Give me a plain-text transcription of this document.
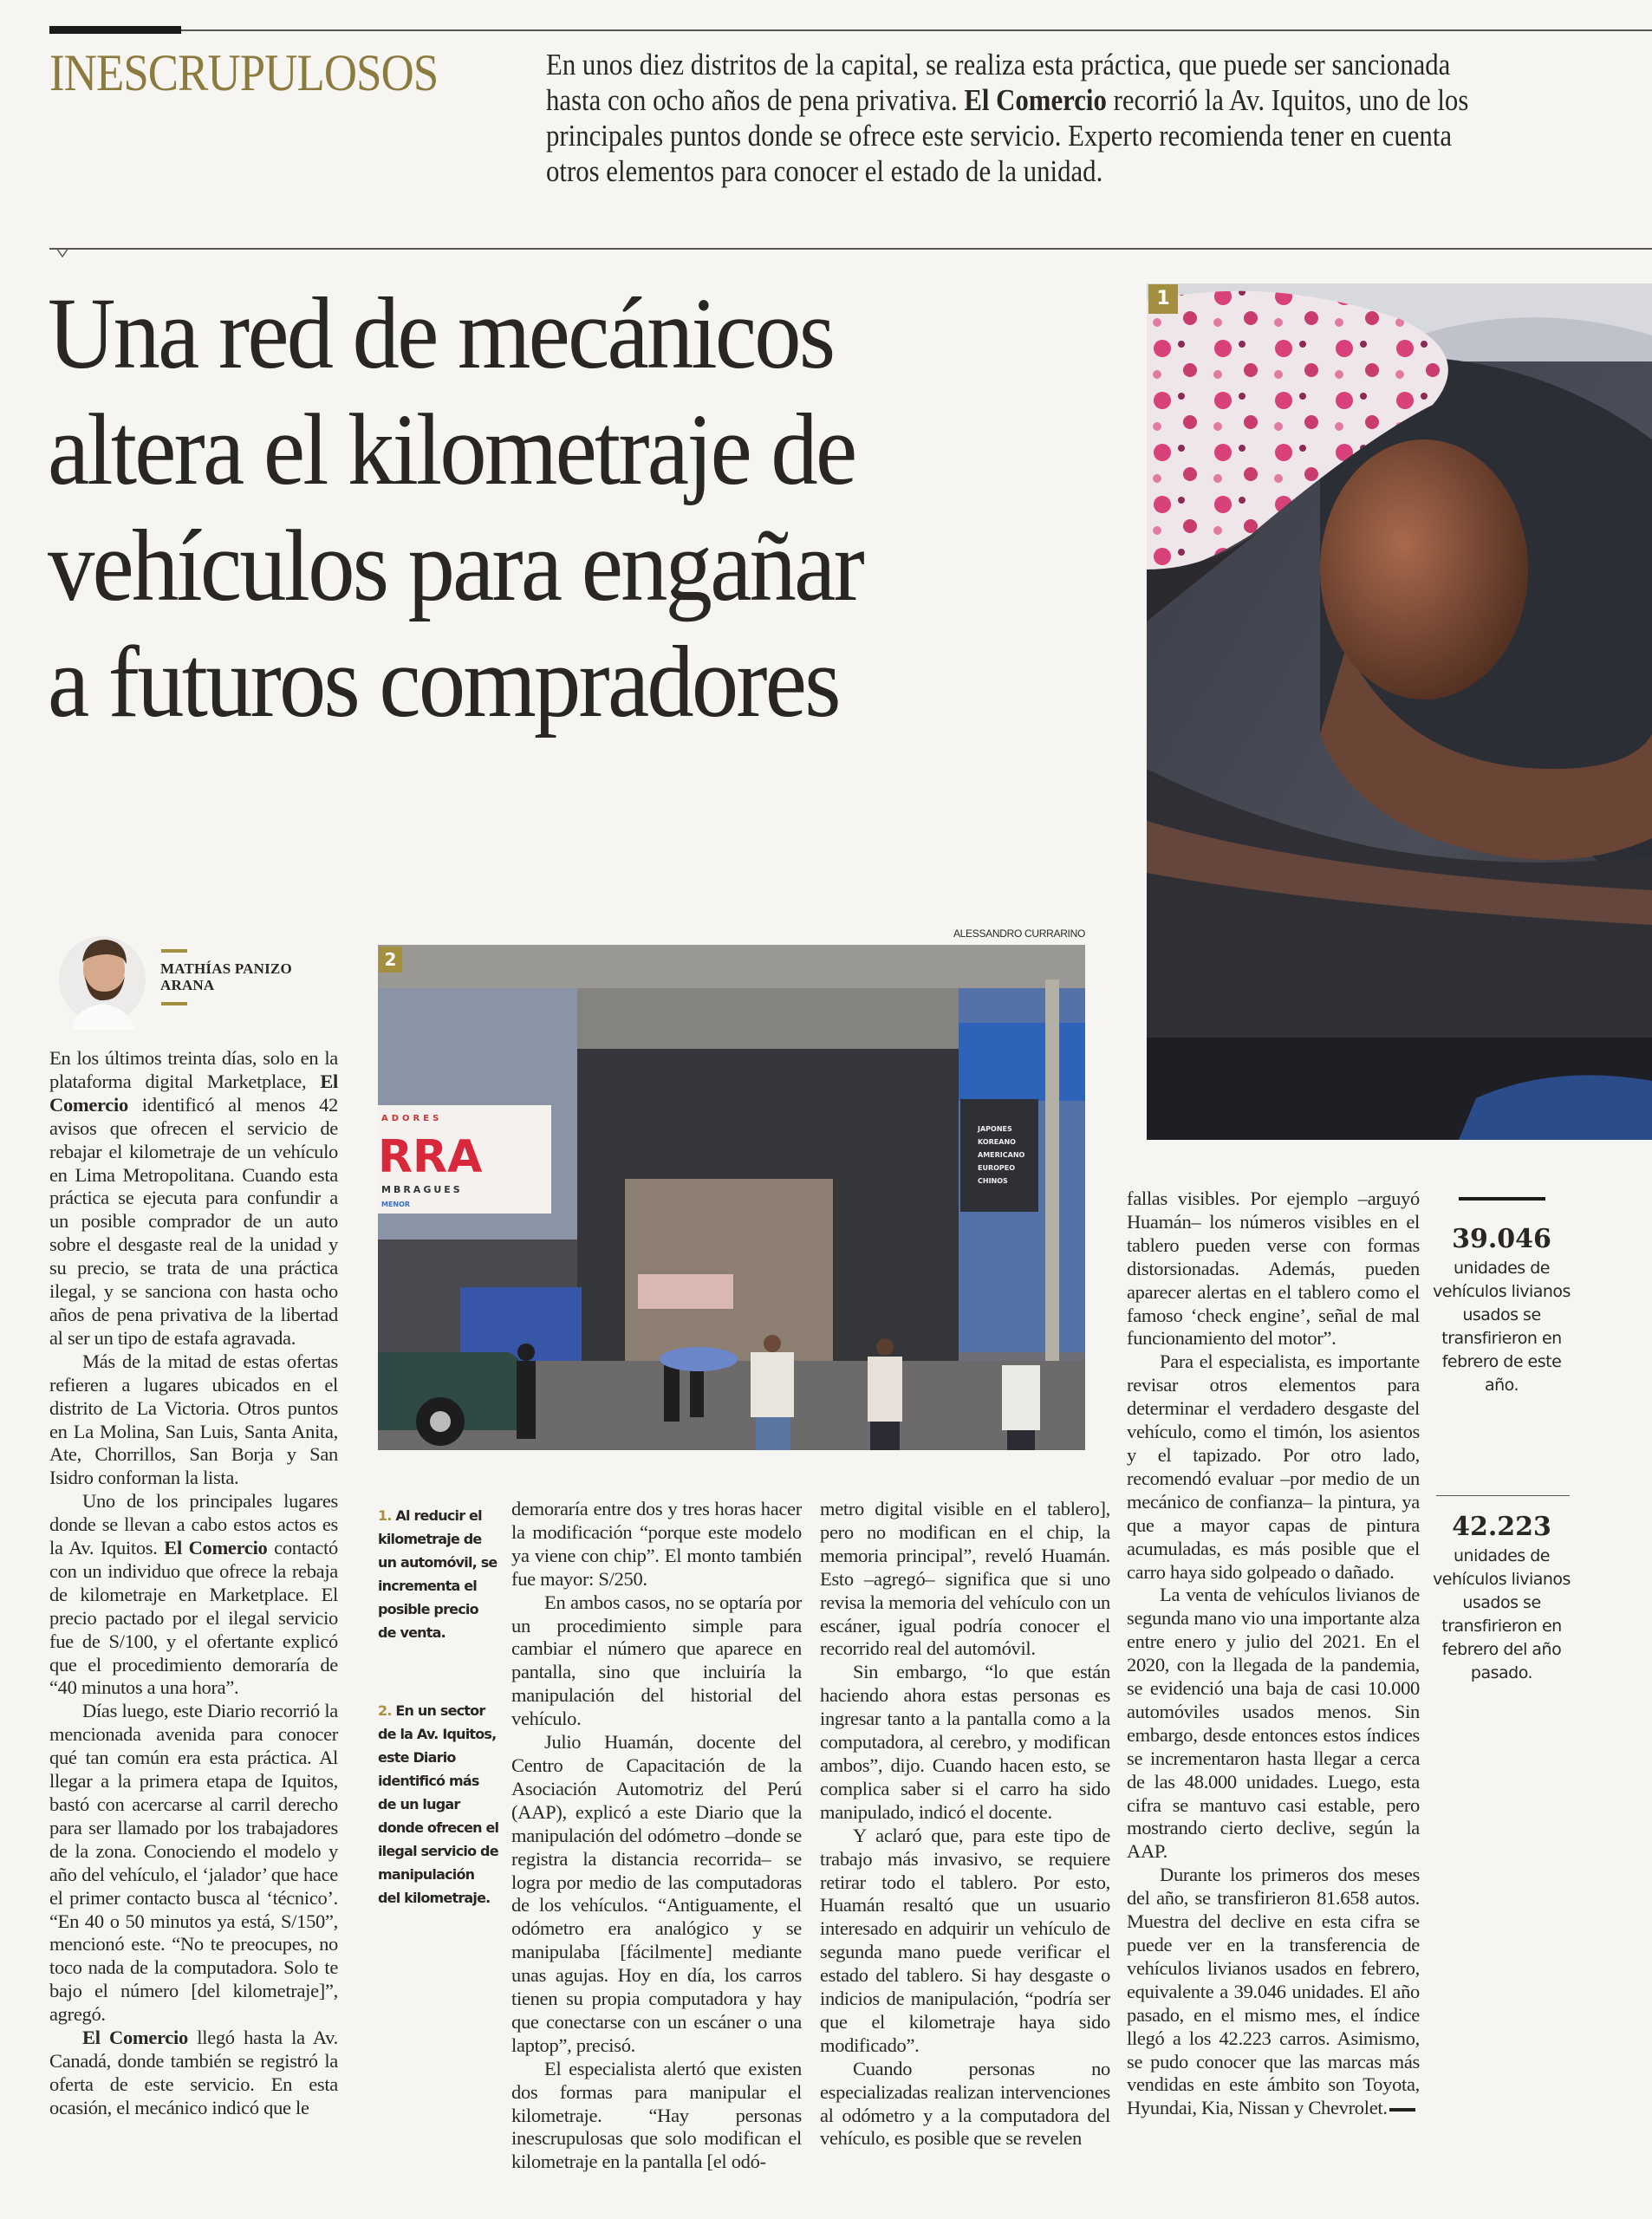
INESCRUPULOSOS	En unos diez distritos de la capital, se realiza esta práctica, que puede ser sancionada hasta con ocho años de pena privativa. El Comercio recorrió la Av. Iquitos, uno de los principales puntos donde se ofrece este servicio. Experto recomienda tener en cuenta otros elementos para conocer el estado de la unidad.
Una red de mecánicos
altera el kilometraje de
vehículos para engañar
a futuros compradores
1
MATHÍAS PANIZO
ARANA
ALESSANDRO CURRARINO
JAPONES
KOREANO
AMERICANO
EUROPEO
CHINOS
ADORES
RRA
MBRAGUES
MENOR
2
1. Al reducir el kilometraje de un automóvil, se incrementa el posible precio de venta.
2. En un sector de la Av. Iquitos, este Diario identificó más de un lugar donde ofrecen el ilegal servicio de manipulación del kilometraje.

En los últimos treinta días, solo en la plataforma digital Marketplace, El Comercio identificó al menos 42 avisos que ofrecen el servicio de rebajar el kilometraje de un vehículo en Lima Metropolitana. Cuando esta práctica se ejecuta para confundir a un posible comprador de un auto sobre el desgaste real de la unidad y su precio, se trata de una práctica ilegal, y se sanciona con hasta ocho años de pena privativa de la libertad al ser un tipo de estafa agravada.

Más de la mitad de estas ofertas refieren a lugares ubicados en el distrito de La Victoria. Otros puntos en La Molina, San Luis, Santa Anita, Ate, Chorrillos, San Borja y San Isidro conforman la lista.

Uno de los principales lugares donde se llevan a cabo estos actos es la Av. Iquitos. El Comercio contactó con un individuo que ofrece la rebaja de kilometraje en Marketplace. El precio pactado por el ilegal servicio fue de S/100, y el ofertante explicó que el procedimiento demoraría de “40 minutos a una hora”.

Días luego, este Diario recorrió la mencionada avenida para conocer qué tan común era esta práctica. Al llegar a la primera etapa de Iquitos, bastó con acercarse al carril derecho para ser llamado por los trabajadores de la zona. Conociendo el modelo y año del vehículo, el ‘jalador’ que hace el primer contacto busca al ‘técnico’. “En 40 o 50 minutos ya está, S/150”, mencionó este. “No te preocupes, no toco nada de la computadora. Solo te bajo el número [del kilometraje]”, agregó.

El Comercio llegó hasta la Av. Canadá, donde también se registró la oferta de este servicio. En esta ocasión, el mecánico indicó que le

demoraría entre dos y tres horas hacer la modificación “porque este modelo ya viene con chip”. El monto también fue mayor: S/250.

En ambos casos, no se optaría por un procedimiento simple para cambiar el número que aparece en pantalla, sino que incluiría la manipulación del historial del vehículo.

Julio Huamán, docente del Centro de Capacitación de la Asociación Automotriz del Perú (AAP), explicó a este Diario que la manipulación del odómetro –donde se registra la distancia recorrida– se logra por medio de las computadoras de los vehículos. “Antiguamente, el odómetro era analógico y se manipulaba [fácilmente] mediante unas agujas. Hoy en día, los carros tienen su propia computadora y hay que conectarse con un escáner o una laptop”, precisó.

El especialista alertó que existen dos formas para manipular el kilometraje. “Hay personas inescrupulosas que solo modifican el kilometraje en la pantalla [el odó-

metro digital visible en el tablero], pero no modifican en el chip, la memoria principal”, reveló Huamán. Esto –agregó– significa que si uno revisa la memoria del vehículo con un escáner, igual podría conocer el recorrido real del automóvil.

Sin embargo, “lo que están haciendo ahora estas personas es ingresar tanto a la pantalla como a la computadora, al cerebro, y modifican ambos”, dijo. Cuando hacen esto, se complica saber si el carro ha sido manipulado, indicó el docente.

Y aclaró que, para este tipo de trabajo más invasivo, se requiere retirar todo el tablero. Por esto, Huamán resaltó que un usuario interesado en adquirir un vehículo de segunda mano puede verificar el estado del tablero. Si hay desgaste o indicios de manipulación, “podría ser que el kilometraje haya sido modificado”.

Cuando personas no especializadas realizan intervenciones al odómetro y a la computadora del vehículo, es posible que se revelen

fallas visibles. Por ejemplo –arguyó Huamán– los números visibles en el tablero pueden verse con formas distorsionadas. Además, pueden aparecer alertas en el tablero como el famoso ‘check engine’, señal de mal funcionamiento del motor”.

Para el especialista, es importante revisar otros elementos para determinar el verdadero desgaste del vehículo, como el timón, los asientos y el tapizado. Por otro lado, recomendó evaluar –por medio de un mecánico de confianza– la pintura, ya que a mayor capas de pintura acumuladas, es más posible que el carro haya sido golpeado o dañado.

La venta de vehículos livianos de segunda mano vio una importante alza entre enero y julio del 2021. En el 2020, con la llegada de la pandemia, se evidenció una baja de casi 10.000 automóviles usados menos. Sin embargo, desde entonces estos índices se incrementaron hasta llegar a cerca de las 48.000 unidades. Luego, esta cifra se mantuvo casi estable, pero mostrando cierto declive, según la AAP.

Durante los primeros dos meses del año, se transfirieron 81.658 autos. Muestra del declive en esta cifra se puede ver en la transferencia de vehículos livianos usados en febrero, equivalente a 39.046 unidades. El año pasado, en el mismo mes, el índice llegó a los 42.223 carros. Asimismo, se pudo conocer que las marcas más vendidas en este ámbito son Toyota, Hyundai, Kia, Nissan y Chevrolet.

39.046
unidades de vehículos livianos usados se transfirieron en febrero de este año.
42.223
unidades de vehículos livianos usados se transfirieron en febrero del año pasado.
